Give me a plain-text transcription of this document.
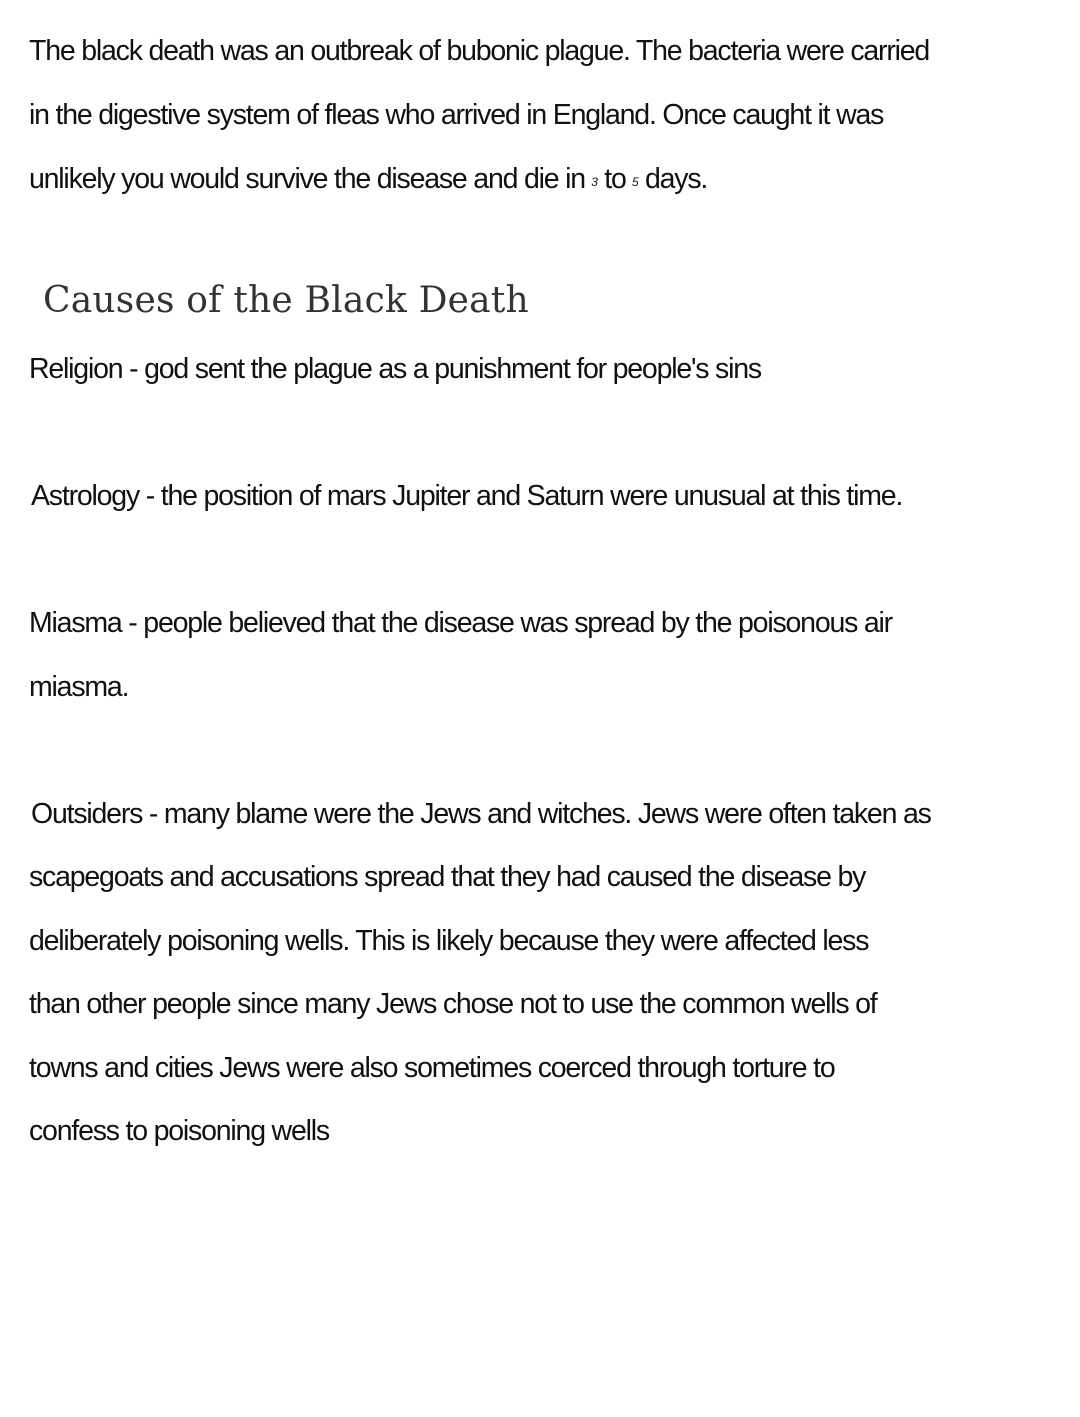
The black death was an outbreak of bubonic plague. The bacteria were carried
in the digestive system of fleas who arrived in England. Once caught it was
unlikely you would survive the disease and die in 3 to 5 days.
Causes of the Black Death
Religion - god sent the plague as a punishment for people's sins
Astrology - the position of mars Jupiter and Saturn were unusual at this time.
Miasma - people believed that the disease was spread by the poisonous air
miasma.
Outsiders - many blame were the Jews and witches. Jews were often taken as
scapegoats and accusations spread that they had caused the disease by
deliberately poisoning wells. This is likely because they were affected less
than other people since many Jews chose not to use the common wells of
towns and cities Jews were also sometimes coerced through torture to
confess to poisoning wells
